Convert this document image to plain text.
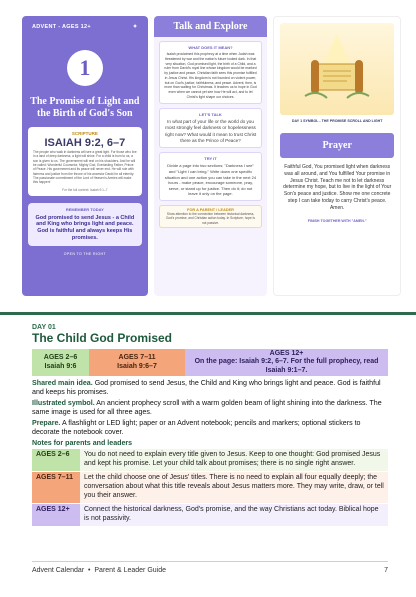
ADVENT - AGES 12+	✦
1
The Promise of Light and the Birth of God's Son
SCRIPTURE
ISAIAH 9:2, 6–7
The people who walk in darkness will see a great light. For those who live in a land of deep darkness, a light will shine. For a child is born to us, a son is given to us. The government will rest on his shoulders. And he will be called: Wonderful Counselor, Mighty God, Everlasting Father, Prince of Peace. His government and its peace will never end. He will rule with fairness and justice from the throne of his ancestor David for all eternity. The passionate commitment of the Lord of Heaven's Armies will make this happen!
For the full context: Isaiah 9:1–7
REMEMBER TODAY
God promised to send Jesus - a Child and King who brings light and peace. God is faithful and always keeps His promises.
OPEN TO THE RIGHT
Talk and Explore
WHAT DOES IT MEAN?
Isaiah proclaimed this prophecy at a time when Judah was threatened by war and the nation's future looked dark. In that very situation, God promised light, the birth of a Child, and a ruler from David's royal line whose kingdom would be marked by justice and peace. Christian faith sees this promise fulfilled in Jesus Christ. His kingdom is not founded on violent power, but on God's justice, faithfulness, and peace. Advent, then, is more than waiting for Christmas. It teaches us to hope in God even when we cannot yet see how He will act, and to let Christ's light shape our choices.
LET'S TALK
In what part of your life or the world do you most strongly feel darkness or hopelessness right now? What would it mean to trust Christ there as the Prince of Peace?
TRY IT
Divide a page into two sections: "Darkness I see" and "Light I can bring." Write down one specific situation and one action you can take in the next 24 hours - make peace, encourage someone, pray, serve, or stand up for justice. Then do it; do not leave it only on the page.
FOR A PARENT / LEADER
Show attention to the connection between historical darkness, God's promise, and Christian action today. In Scripture, hope is not passive.
DAY 1 SYMBOL - THE PROMISE SCROLL AND LIGHT
Prayer
Faithful God, You promised light when darkness was all around, and You fulfilled Your promise in Jesus Christ. Teach me not to let darkness determine my hope, but to live in the light of Your Son's peace and justice. Show me one concrete step I can take today to carry Christ's peace. Amen.
FINISH TOGETHER WITH "AMEN."
DAY 01
The Child God Promised
AGES 2–6
Isaiah 9:6
AGES 7–11
Isaiah 9:6–7
AGES 12+
On the page: Isaiah 9:2, 6–7. For the full prophecy, read Isaiah 9:1–7.

Shared main idea. God promised to send Jesus, the Child and King who brings light and peace. God is faithful and keeps his promises.

Illustrated symbol. An ancient prophecy scroll with a warm golden beam of light shining into the darkness. The same image is used for all three ages.

Prepare. A flashlight or LED light; paper or an Advent notebook; pencils and markers; optional stickers to decorate the notebook cover.

Notes for parents and leaders
AGES 2–6	You do not need to explain every title given to Jesus. Keep to one thought: God promised Jesus and kept his promise. Let your child talk about promises; there is no single right answer.
AGES 7–11	Let the child choose one of Jesus' titles. There is no need to explain all four equally deeply; the conversation about what this title reveals about Jesus matters more. They may write, draw, or tell you their answer.
AGES 12+	Connect the historical darkness, God's promise, and the way Christians act today. Biblical hope is not passivity.
Advent Calendar • Parent & Leader Guide	7
